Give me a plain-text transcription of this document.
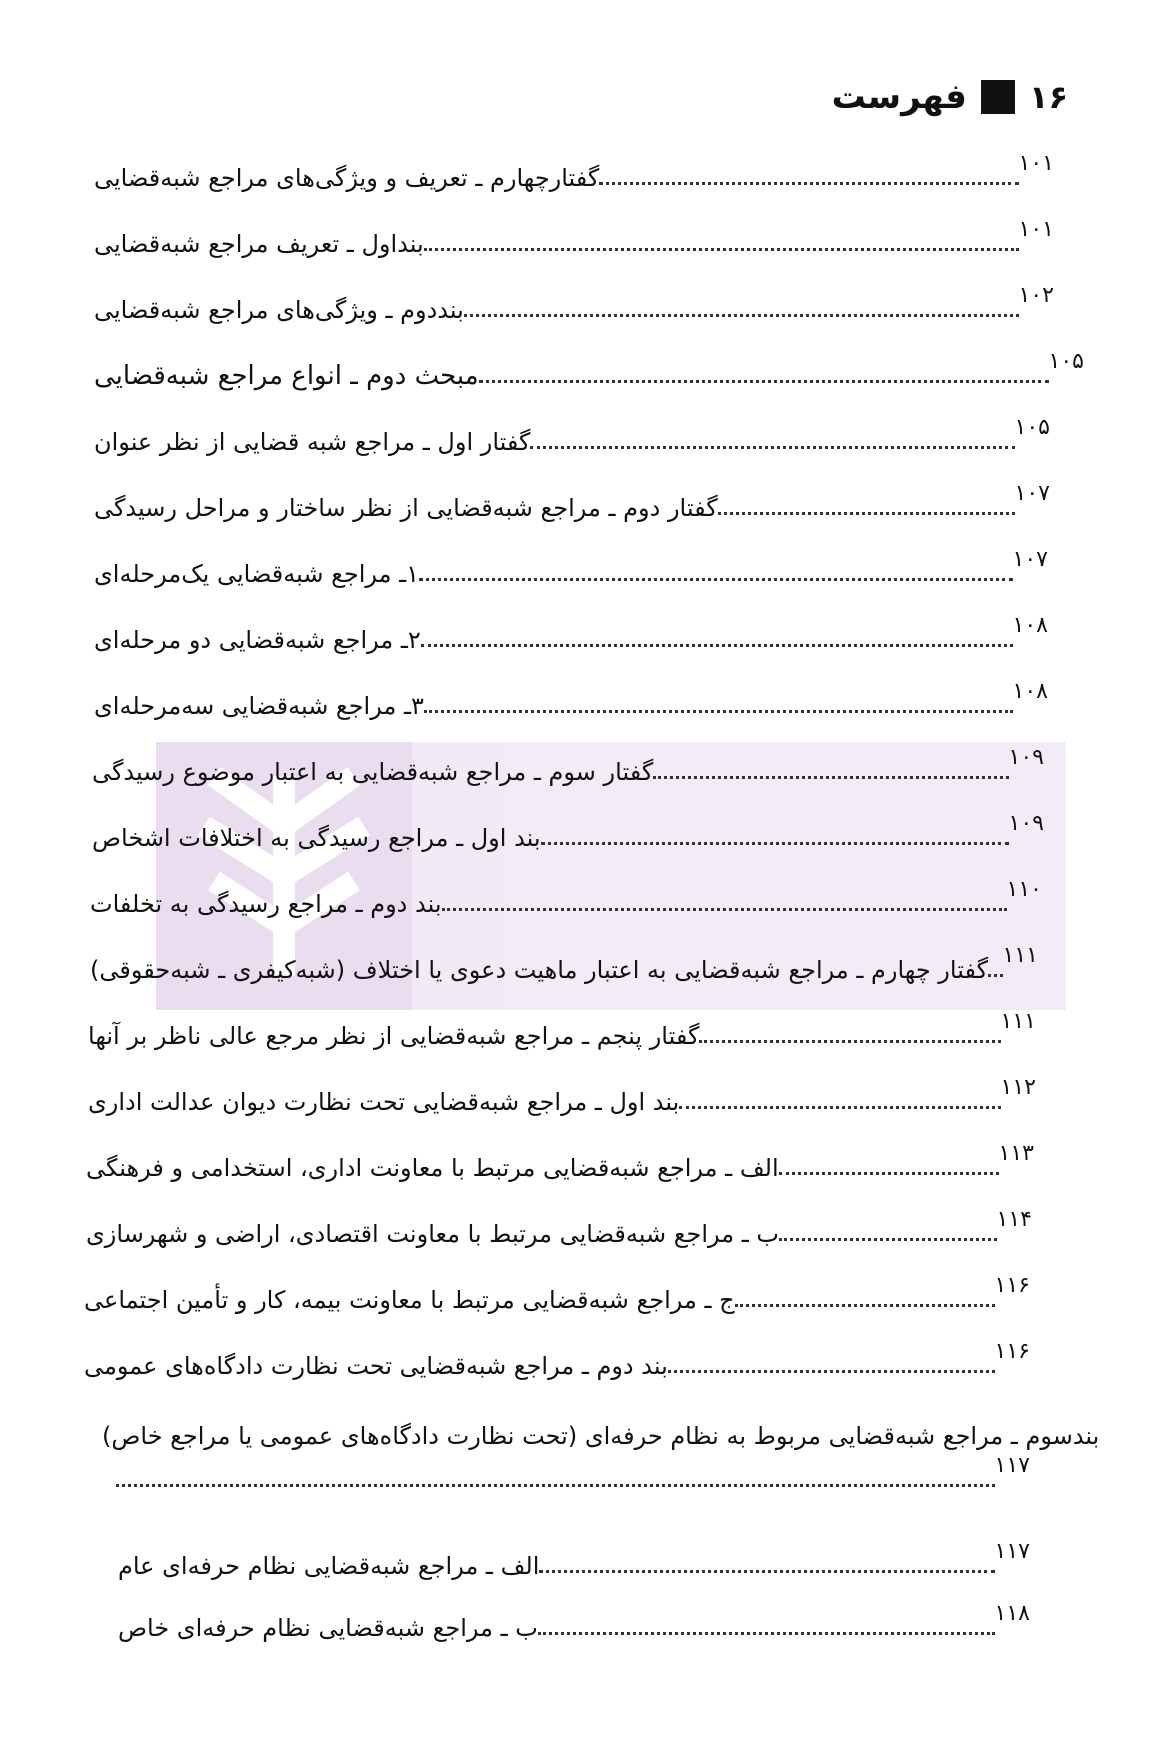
۱۶
فهرست
گفتارچهارم ـ تعریف و ویژگی‌های مراجع شبه‌قضایی
۱۰۱
بنداول ـ تعریف مراجع شبه‌قضایی
۱۰۱
بنددوم ـ ویژگی‌های مراجع شبه‌قضایی
۱۰۲
مبحث دوم ـ انواع مراجع شبه‌قضایی	۱۰۵
گفتار اول ـ مراجع شبه قضایی از نظر عنوان
۱۰۵
گفتار دوم ـ مراجع شبه‌قضایی از نظر ساختار و مراحل رسیدگی
۱۰۷
۱ـ مراجع شبه‌قضایی یک‌مرحله‌ای
۱۰۷
۲ـ مراجع شبه‌قضایی دو مرحله‌ای
۱۰۸
۳ـ مراجع شبه‌قضایی سه‌مرحله‌ای
۱۰۸
گفتار سوم ـ مراجع شبه‌قضایی به اعتبار موضوع رسیدگی
۱۰۹
بند اول ـ مراجع رسیدگی به اختلافات اشخاص
۱۰۹
بند دوم ـ مراجع رسیدگی به تخلفات
۱۱۰
گفتار چهارم ـ مراجع شبه‌قضایی به اعتبار ماهیت دعوی یا اختلاف (شبه‌کیفری ـ شبه‌حقوقی)
۱۱۱
گفتار پنجم ـ مراجع شبه‌قضایی از نظر مرجع عالی ناظر بر آنها
۱۱۱
بند اول ـ مراجع شبه‌قضایی تحت نظارت دیوان عدالت اداری
۱۱۲
الف ـ مراجع شبه‌قضایی مرتبط با معاونت اداری، استخدامی و فرهنگی
۱۱۳
ب ـ مراجع شبه‌قضایی مرتبط با معاونت اقتصادی، اراضی و شهرسازی
۱۱۴
ج ـ مراجع شبه‌قضایی مرتبط با معاونت بیمه، کار و تأمین اجتماعی
۱۱۶
بند دوم ـ مراجع شبه‌قضایی تحت نظارت دادگاه‌های عمومی
۱۱۶
بندسوم ـ مراجع شبه‌قضایی مربوط به نظام حرفه‌ای (تحت نظارت دادگاه‌های عمومی یا مراجع خاص)
۱۱۷
الف ـ مراجع شبه‌قضایی نظام حرفه‌ای عام
۱۱۷
ب ـ مراجع شبه‌قضایی نظام حرفه‌ای خاص
۱۱۸
